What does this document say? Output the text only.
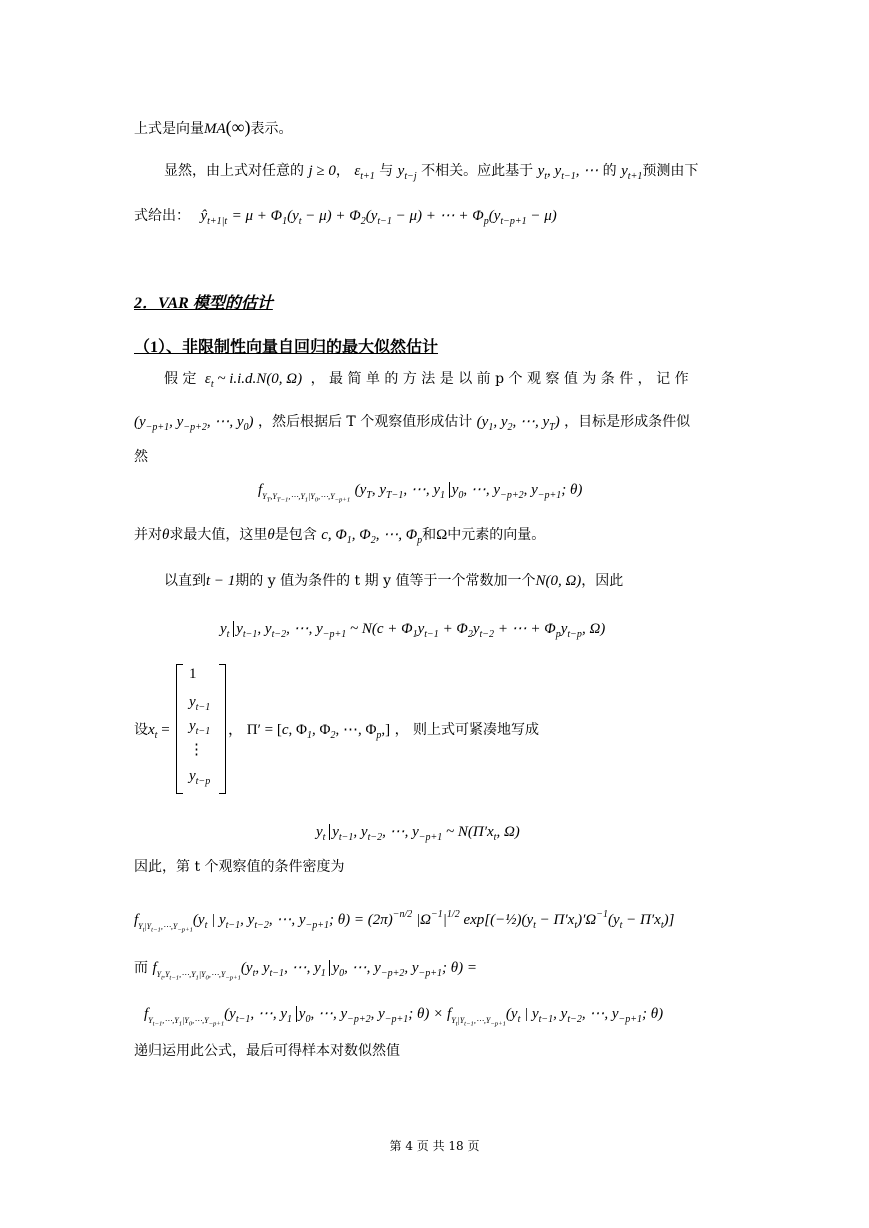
上式是向量MA(∞)表示。
显然，由上式对任意的 j ≥ 0， $\varepsilon_{t+1}$ 与 $y_{t-j}$ 不相关。应此基于 $y_t$, $y_{t-1}$, ⋯ 的 $y_{t+1}$预测由下
式给出： $ŷ_{t+1|t} = \mu + \Phi_1(y_t - \mu) + \Phi_2(y_{t-1} - \mu)$ + ⋯ + $\Phi_p(y_{t-p+1} - \mu)$
2．VAR 模型的估计
（1）、非限制性向量自回归的最大似然估计
假 定 $\varepsilon_t$ ~ i.i.d.N(0, Ω) ， 最 简 单 的 方 法 是 以 前 p 个 观 察 值 为 条 件 ， 记 作
($y_{-p+1}$, $y_{-p+2}$, ⋯, $y_0$) ，然后根据后 T 个观察值形成估计 ($y_1$, $y_2$, ⋯, $y_T$) ，目标是形成条件似
然
$f_{Y_T,Y_{T-1},\cdots,Y_1|Y_0,\cdots,Y_{-p+1}}$ ($y_T$, $y_{T-1}$, ⋯, $y_1$ $y_0$, ⋯, $y_{-p+2}$, $y_{-p+1}$; θ)
并对θ求最大值，这里θ是包含 c, $\Phi_1$, $\Phi_2$, ⋯, $\Phi_p$和Ω中元素的向量。
以直到t − 1期的 y 值为条件的 t 期 y 值等于一个常数加一个N(0, Ω)，因此
$y_t$ $y_{t-1}$, $y_{t-2}$, ⋯, $y_{-p+1}$ ~ $N(c + \Phi_1y_{t-1} + \Phi_2y_{t-2}$ + ⋯ + $\Phi_py_{t-p}$, Ω)
设$x_t$ =
1
$y_{t-1}$
$y_{t-1}$
⋮
$y_{t-p}$
， Π′ = [c, $\Phi_1$, $\Phi_2$, ⋯, $\Phi_p$,] ， 则上式可紧凑地写成
$y_t$ $y_{t-1}$, $y_{t-2}$, ⋯, $y_{-p+1}$ ~ $N(\Pi'x_t$, Ω)
因此，第 t 个观察值的条件密度为
$f_{Y_t|Y_{t-1},\cdots,Y_{-p+1}}(y_t$ | $y_{t-1}$, $y_{t-2}$, ⋯, $y_{-p+1}$; $\theta) = (2\pi)^{-n/2}$ $|\Omega^{-1}|^{1/2}$ $\exp[(-\frac{1}{2})(y_t - \Pi'x_t)'\Omega^{-1}(y_t - \Pi'x_t)]$
而 $f_{Y_t,Y_{t-1},\cdots,Y_1|Y_0,\cdots,Y_{-p+1}}(y_t$, $y_{t-1}$, ⋯, $y_1$ $y_0$, ⋯, $y_{-p+2}$, $y_{-p+1}$; θ) =
$f_{Y_{t-1},\cdots,Y_1|Y_0,\cdots,Y_{-p+1}}(y_{t-1}$, ⋯, $y_1$ $y_0$, ⋯, $y_{-p+2}$, $y_{-p+1}$; $\theta) \times f_{Y_t|Y_{t-1},\cdots,Y_{-p+1}}(y_t$ | $y_{t-1}$, $y_{t-2}$, ⋯, $y_{-p+1}$; θ)
递归运用此公式，最后可得样本对数似然值
第 4 页 共 18 页
